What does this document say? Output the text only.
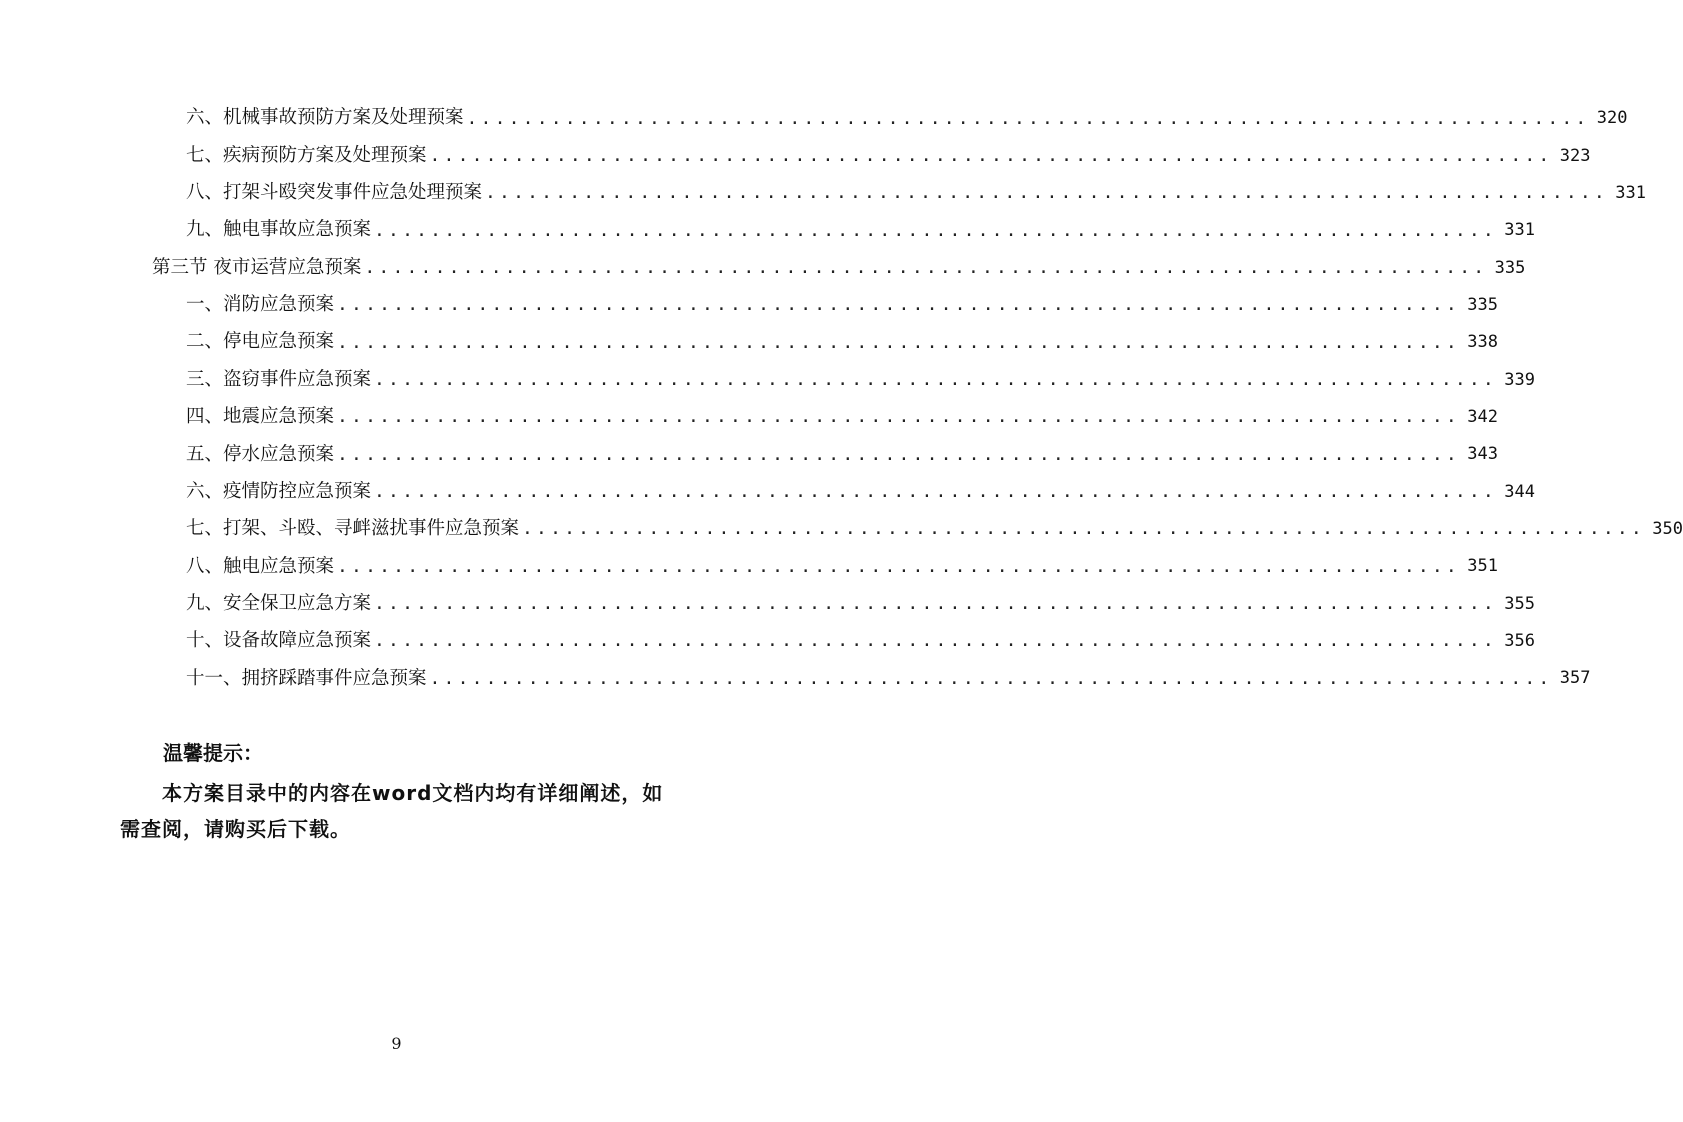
六、机械事故预防方案及处理预案 ................................................................................ 320
七、疾病预防方案及处理预案 ................................................................................ 323
八、打架斗殴突发事件应急处理预案 ................................................................................ 331
九、触电事故应急预案 ................................................................................ 331
第三节 夜市运营应急预案 ................................................................................ 335
一、消防应急预案 ................................................................................ 335
二、停电应急预案 ................................................................................ 338
三、盗窃事件应急预案 ................................................................................ 339
四、地震应急预案 ................................................................................ 342
五、停水应急预案 ................................................................................ 343
六、疫情防控应急预案 ................................................................................ 344
七、打架、斗殴、寻衅滋扰事件应急预案 ................................................................................ 350
八、触电应急预案 ................................................................................ 351
九、安全保卫应急方案 ................................................................................ 355
十、设备故障应急预案 ................................................................................ 356
十一、拥挤踩踏事件应急预案 ................................................................................ 357
温馨提示：
本方案目录中的内容在word文档内均有详细阐述，如需查阅，请购买后下载。
9
